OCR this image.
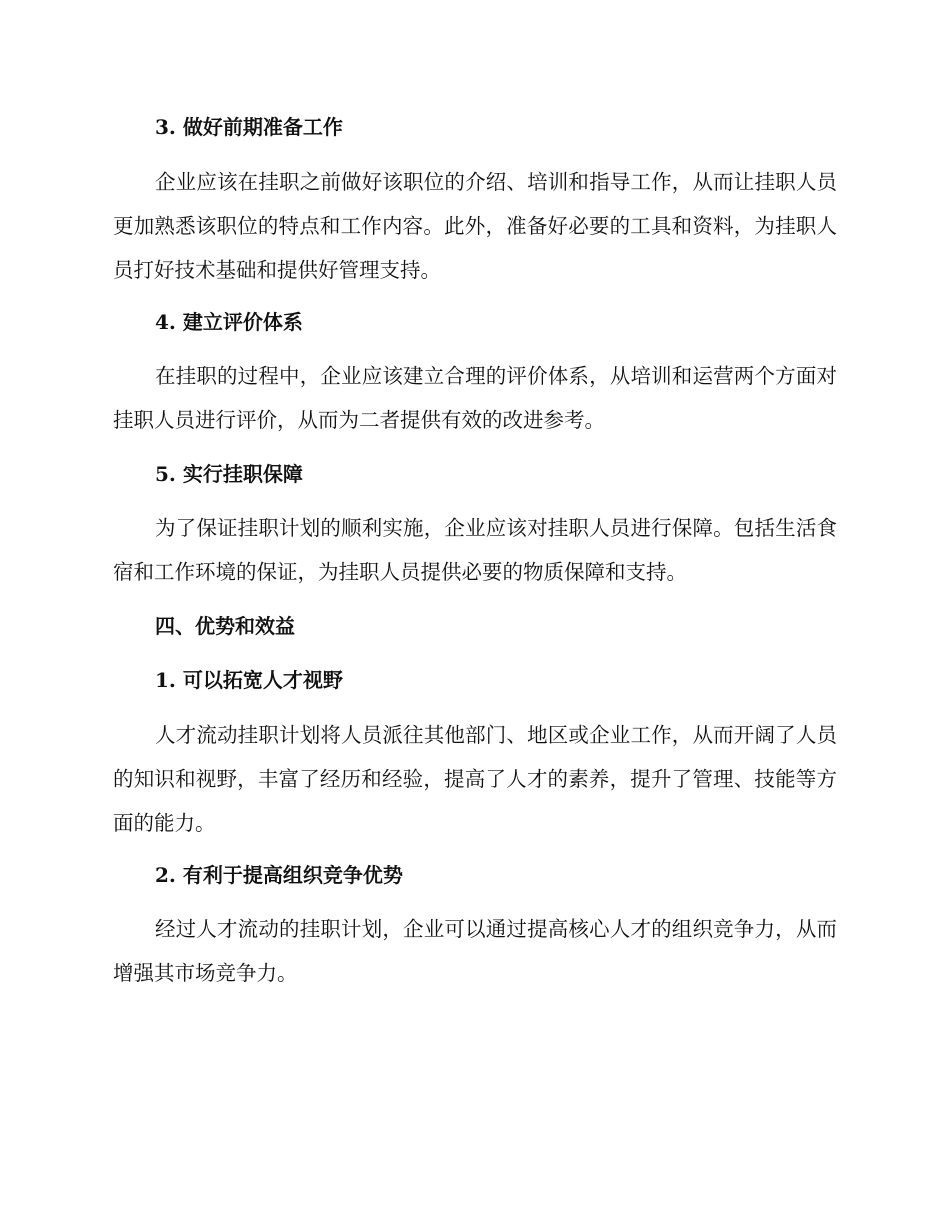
3. 做好前期准备工作

企业应该在挂职之前做好该职位的介绍、培训和指导工作，从而让挂职人员更加熟悉该职位的特点和工作内容。此外，准备好必要的工具和资料，为挂职人员打好技术基础和提供好管理支持。

4. 建立评价体系

在挂职的过程中，企业应该建立合理的评价体系，从培训和运营两个方面对挂职人员进行评价，从而为二者提供有效的改进参考。

5. 实行挂职保障

为了保证挂职计划的顺利实施，企业应该对挂职人员进行保障。包括生活食宿和工作环境的保证，为挂职人员提供必要的物质保障和支持。

四、优势和效益
1. 可以拓宽人才视野

人才流动挂职计划将人员派往其他部门、地区或企业工作，从而开阔了人员的知识和视野，丰富了经历和经验，提高了人才的素养，提升了管理、技能等方面的能力。

2. 有利于提高组织竞争优势

经过人才流动的挂职计划，企业可以通过提高核心人才的组织竞争力，从而增强其市场竞争力。
